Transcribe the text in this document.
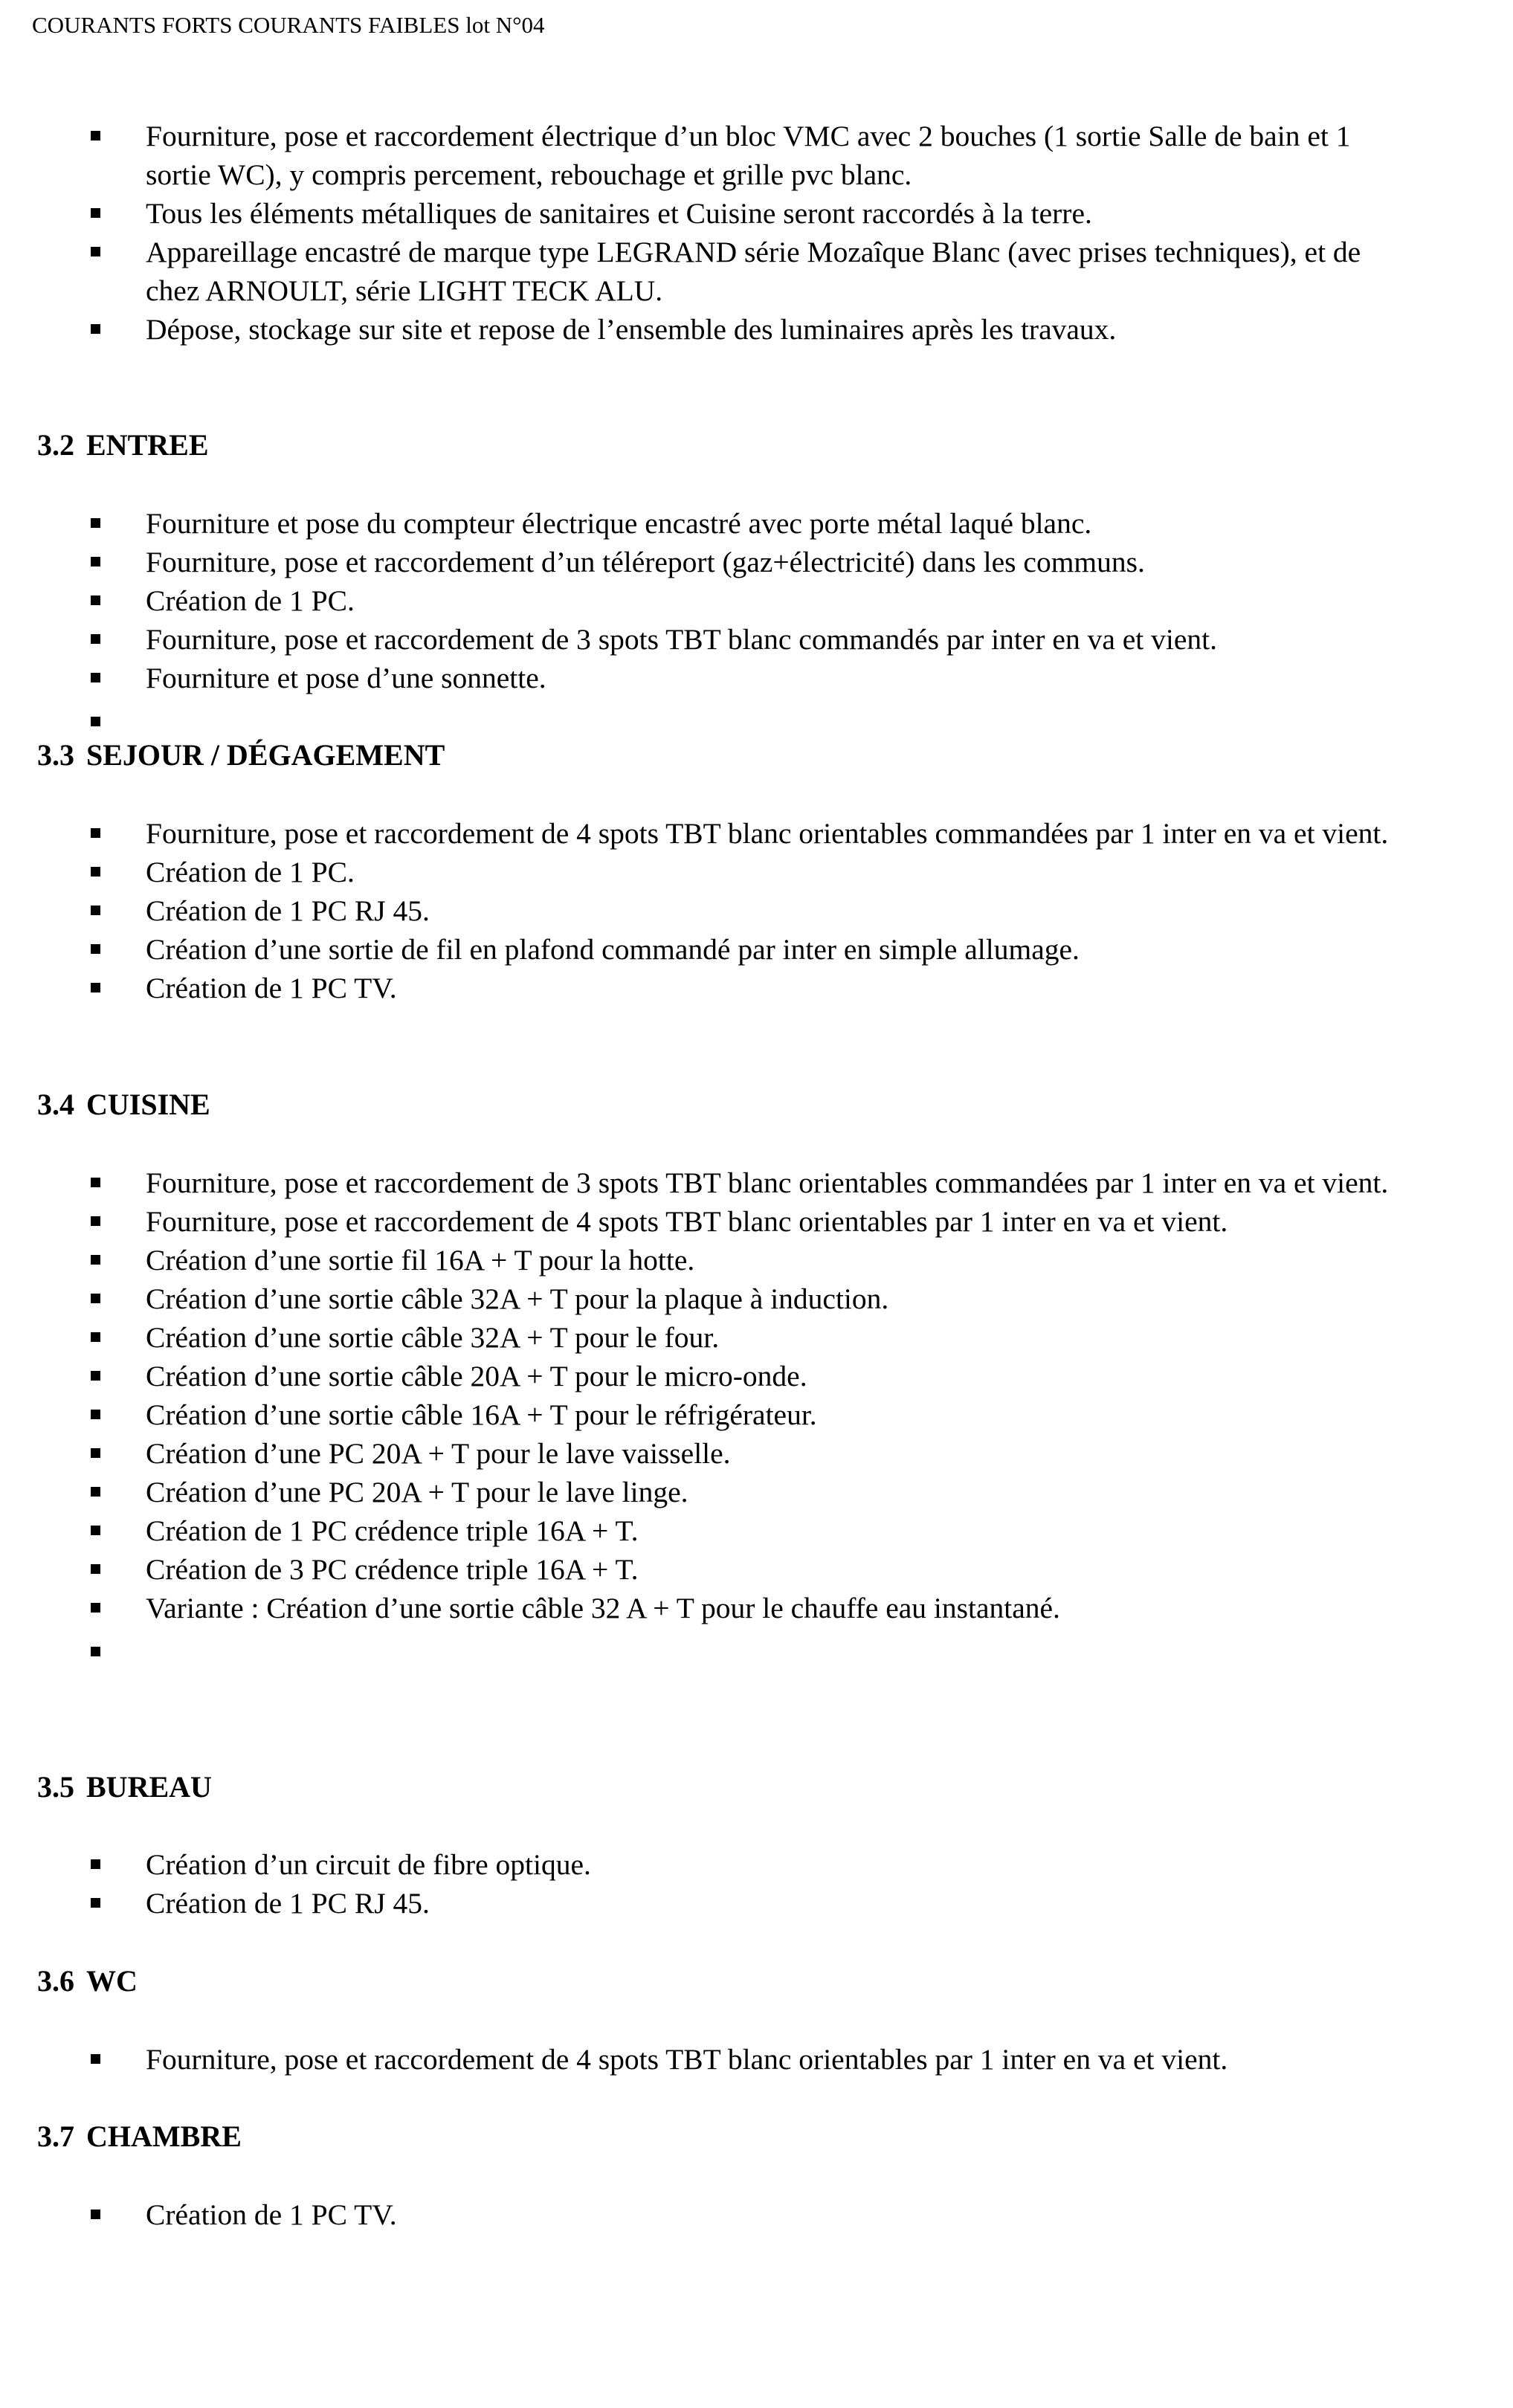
COURANTS FORTS COURANTS FAIBLES lot N°04
Fourniture, pose et raccordement électrique d’un bloc VMC avec 2 bouches (1 sortie Salle de bain et 1 sortie WC), y compris percement, rebouchage et grille pvc blanc.
Tous les éléments métalliques de sanitaires et Cuisine seront raccordés à la terre.
Appareillage encastré de marque type LEGRAND série Mozaîque Blanc (avec prises techniques), et de chez ARNOULT, série LIGHT TECK ALU.
Dépose, stockage sur site et repose de l’ensemble des luminaires après les travaux.
3.2 ENTREE
Fourniture et pose du compteur électrique encastré avec porte métal laqué blanc.
Fourniture, pose et raccordement d’un téléreport (gaz+électricité) dans les communs.
Création de 1 PC.
Fourniture, pose et raccordement de 3 spots TBT blanc commandés par inter en va et vient.
Fourniture et pose d’une sonnette.
3.3 SEJOUR / DÉGAGEMENT
Fourniture, pose et raccordement de 4 spots TBT blanc orientables commandées par 1 inter en va et vient.
Création de 1 PC.
Création de 1 PC RJ 45.
Création d’une sortie de fil en plafond commandé par inter en simple allumage.
Création de 1 PC TV.
3.4 CUISINE
Fourniture, pose et raccordement de 3 spots TBT blanc orientables commandées par 1 inter en va et vient.
Fourniture, pose et raccordement de 4 spots TBT blanc orientables par 1 inter en va et vient.
Création d’une sortie fil 16A + T pour la hotte.
Création d’une sortie câble 32A + T pour la plaque à induction.
Création d’une sortie câble 32A + T pour le four.
Création d’une sortie câble 20A + T pour le micro-onde.
Création d’une sortie câble 16A + T pour le réfrigérateur.
Création d’une PC 20A + T pour le lave vaisselle.
Création d’une PC 20A + T pour le lave linge.
Création de 1 PC crédence triple 16A + T.
Création de 3 PC crédence triple 16A + T.
Variante : Création d’une sortie câble 32 A + T pour le chauffe eau instantané.
3.5 BUREAU
Création d’un circuit de fibre optique.
Création de 1 PC RJ 45.
3.6 WC
Fourniture, pose et raccordement de 4 spots TBT blanc orientables par 1 inter en va et vient.
3.7 CHAMBRE
Création de 1 PC TV.
